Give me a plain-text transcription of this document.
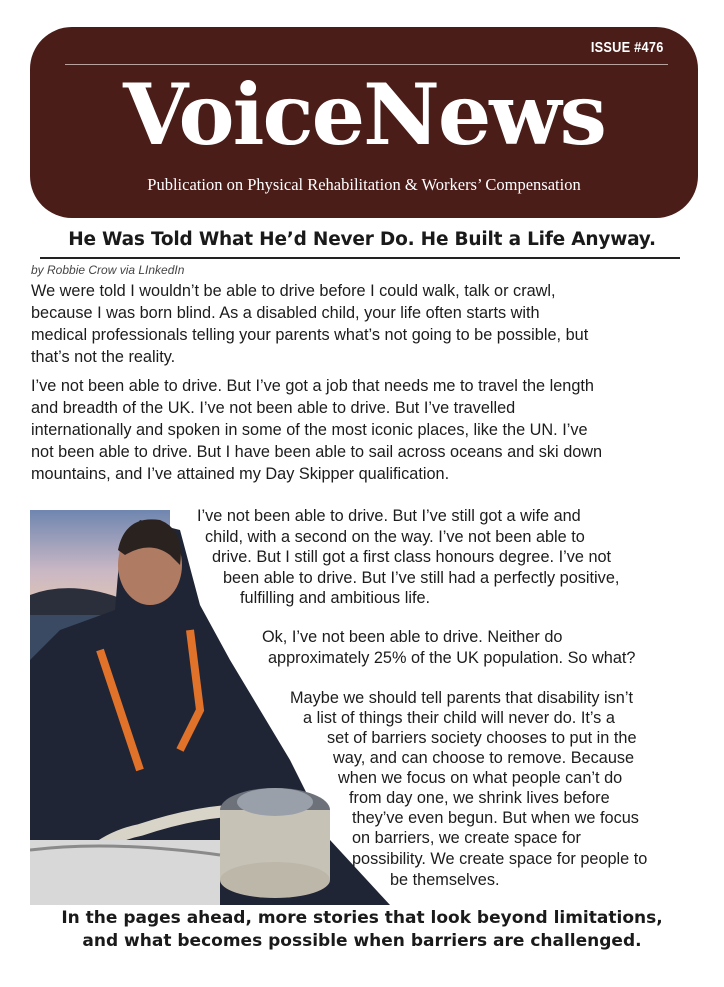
ISSUE #476
VoiceNews
Publication on Physical Rehabilitation & Workers’ Compensation
He Was Told What He’d Never Do. He Built a Life Anyway.
by Robbie Crow via LInkedIn
We were told I wouldn’t be able to drive before I could walk, talk or crawl,
because I was born blind. As a disabled child, your life often starts with
medical professionals telling your parents what’s not going to be possible, but
that’s not the reality.
I’ve not been able to drive. But I’ve got a job that needs me to travel the length
and breadth of the UK. I’ve not been able to drive. But I’ve travelled
internationally and spoken in some of the most iconic places, like the UN. I’ve
not been able to drive. But I have been able to sail across oceans and ski down
mountains, and I’ve attained my Day Skipper qualification.
I’ve not been able to drive. But I’ve still got a wife and
child, with a second on the way. I’ve not been able to
drive. But I still got a first class honours degree. I’ve not
been able to drive. But I’ve still had a perfectly positive,
fulfilling and ambitious life.
Ok, I’ve not been able to drive. Neither do
approximately 25% of the UK population. So what?
Maybe we should tell parents that disability isn’t
a list of things their child will never do. It’s a
set of barriers society chooses to put in the
way, and can choose to remove. Because
when we focus on what people can’t do
from day one, we shrink lives before
they’ve even begun. But when we focus
on barriers, we create space for
possibility. We create space for people to
be themselves.
In the pages ahead, more stories that look beyond limitations,
and what becomes possible when barriers are challenged.
